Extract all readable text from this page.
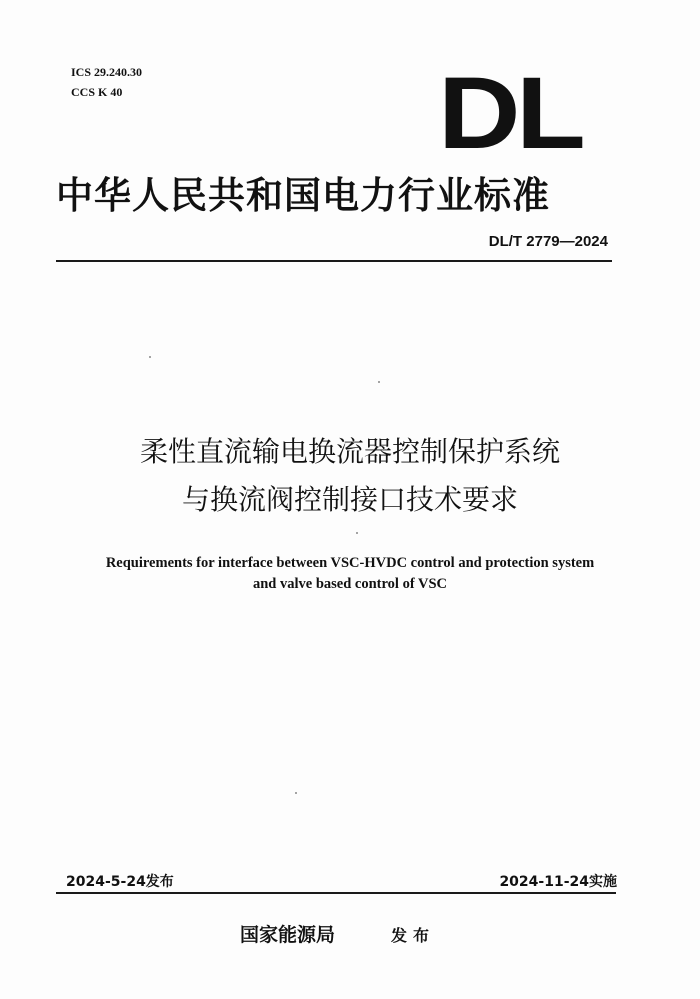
ICS 29.240.30
CCS K 40	DL
中华人民共和国电力行业标准
DL/T 2779—2024
柔性直流输电换流器控制保护系统
与换流阀控制接口技术要求
Requirements for interface between VSC-HVDC control and protection system
and valve based control of VSC
2024-5-24发布	2024-11-24实施
国家能源局	发布
